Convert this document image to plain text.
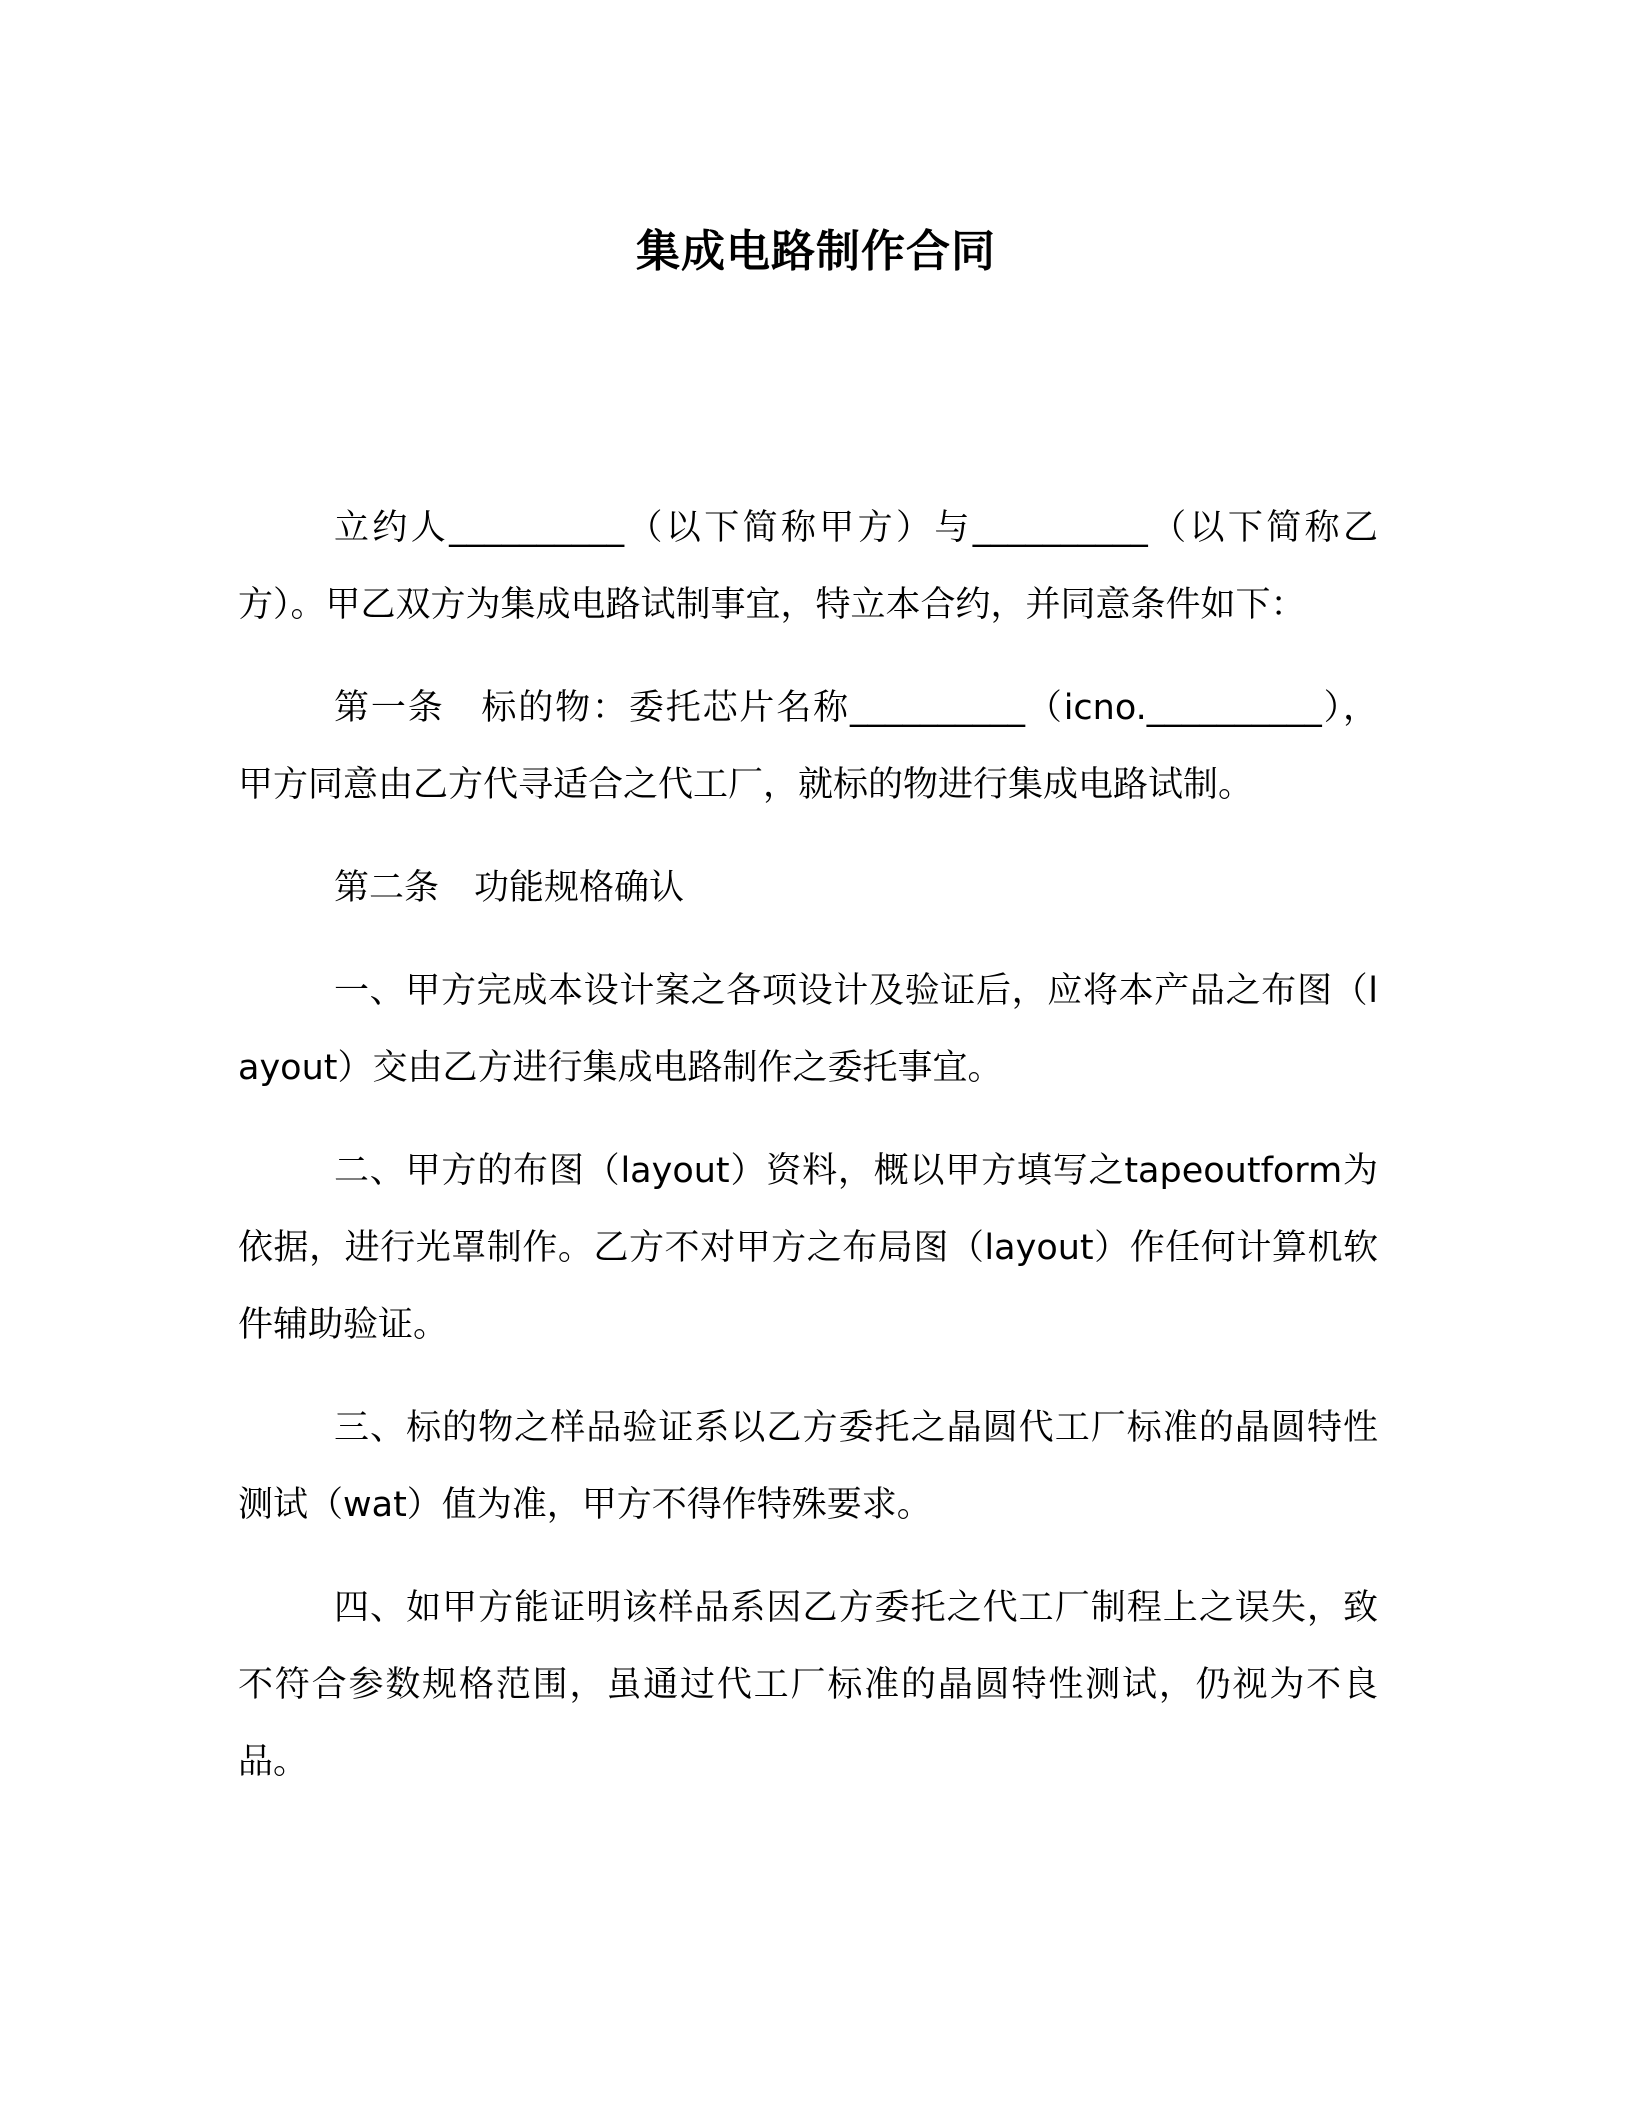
集成电路制作合同

立约人__________（以下简称甲方）与__________（以下简称乙方）。甲乙双方为集成电路试制事宜，特立本合约，并同意条件如下：

第一条　标的物：委托芯片名称__________（icno.__________），甲方同意由乙方代寻适合之代工厂，就标的物进行集成电路试制。

第二条　功能规格确认

一、甲方完成本设计案之各项设计及验证后，应将本产品之布图（layout）交由乙方进行集成电路制作之委托事宜。

二、甲方的布图（layout）资料，概以甲方填写之tapeoutform为依据，进行光罩制作。乙方不对甲方之布局图（layout）作任何计算机软件辅助验证。

三、标的物之样品验证系以乙方委托之晶圆代工厂标准的晶圆特性测试（wat）值为准，甲方不得作特殊要求。

四、如甲方能证明该样品系因乙方委托之代工厂制程上之误失，致不符合参数规格范围，虽通过代工厂标准的晶圆特性测试，仍视为不良品。
